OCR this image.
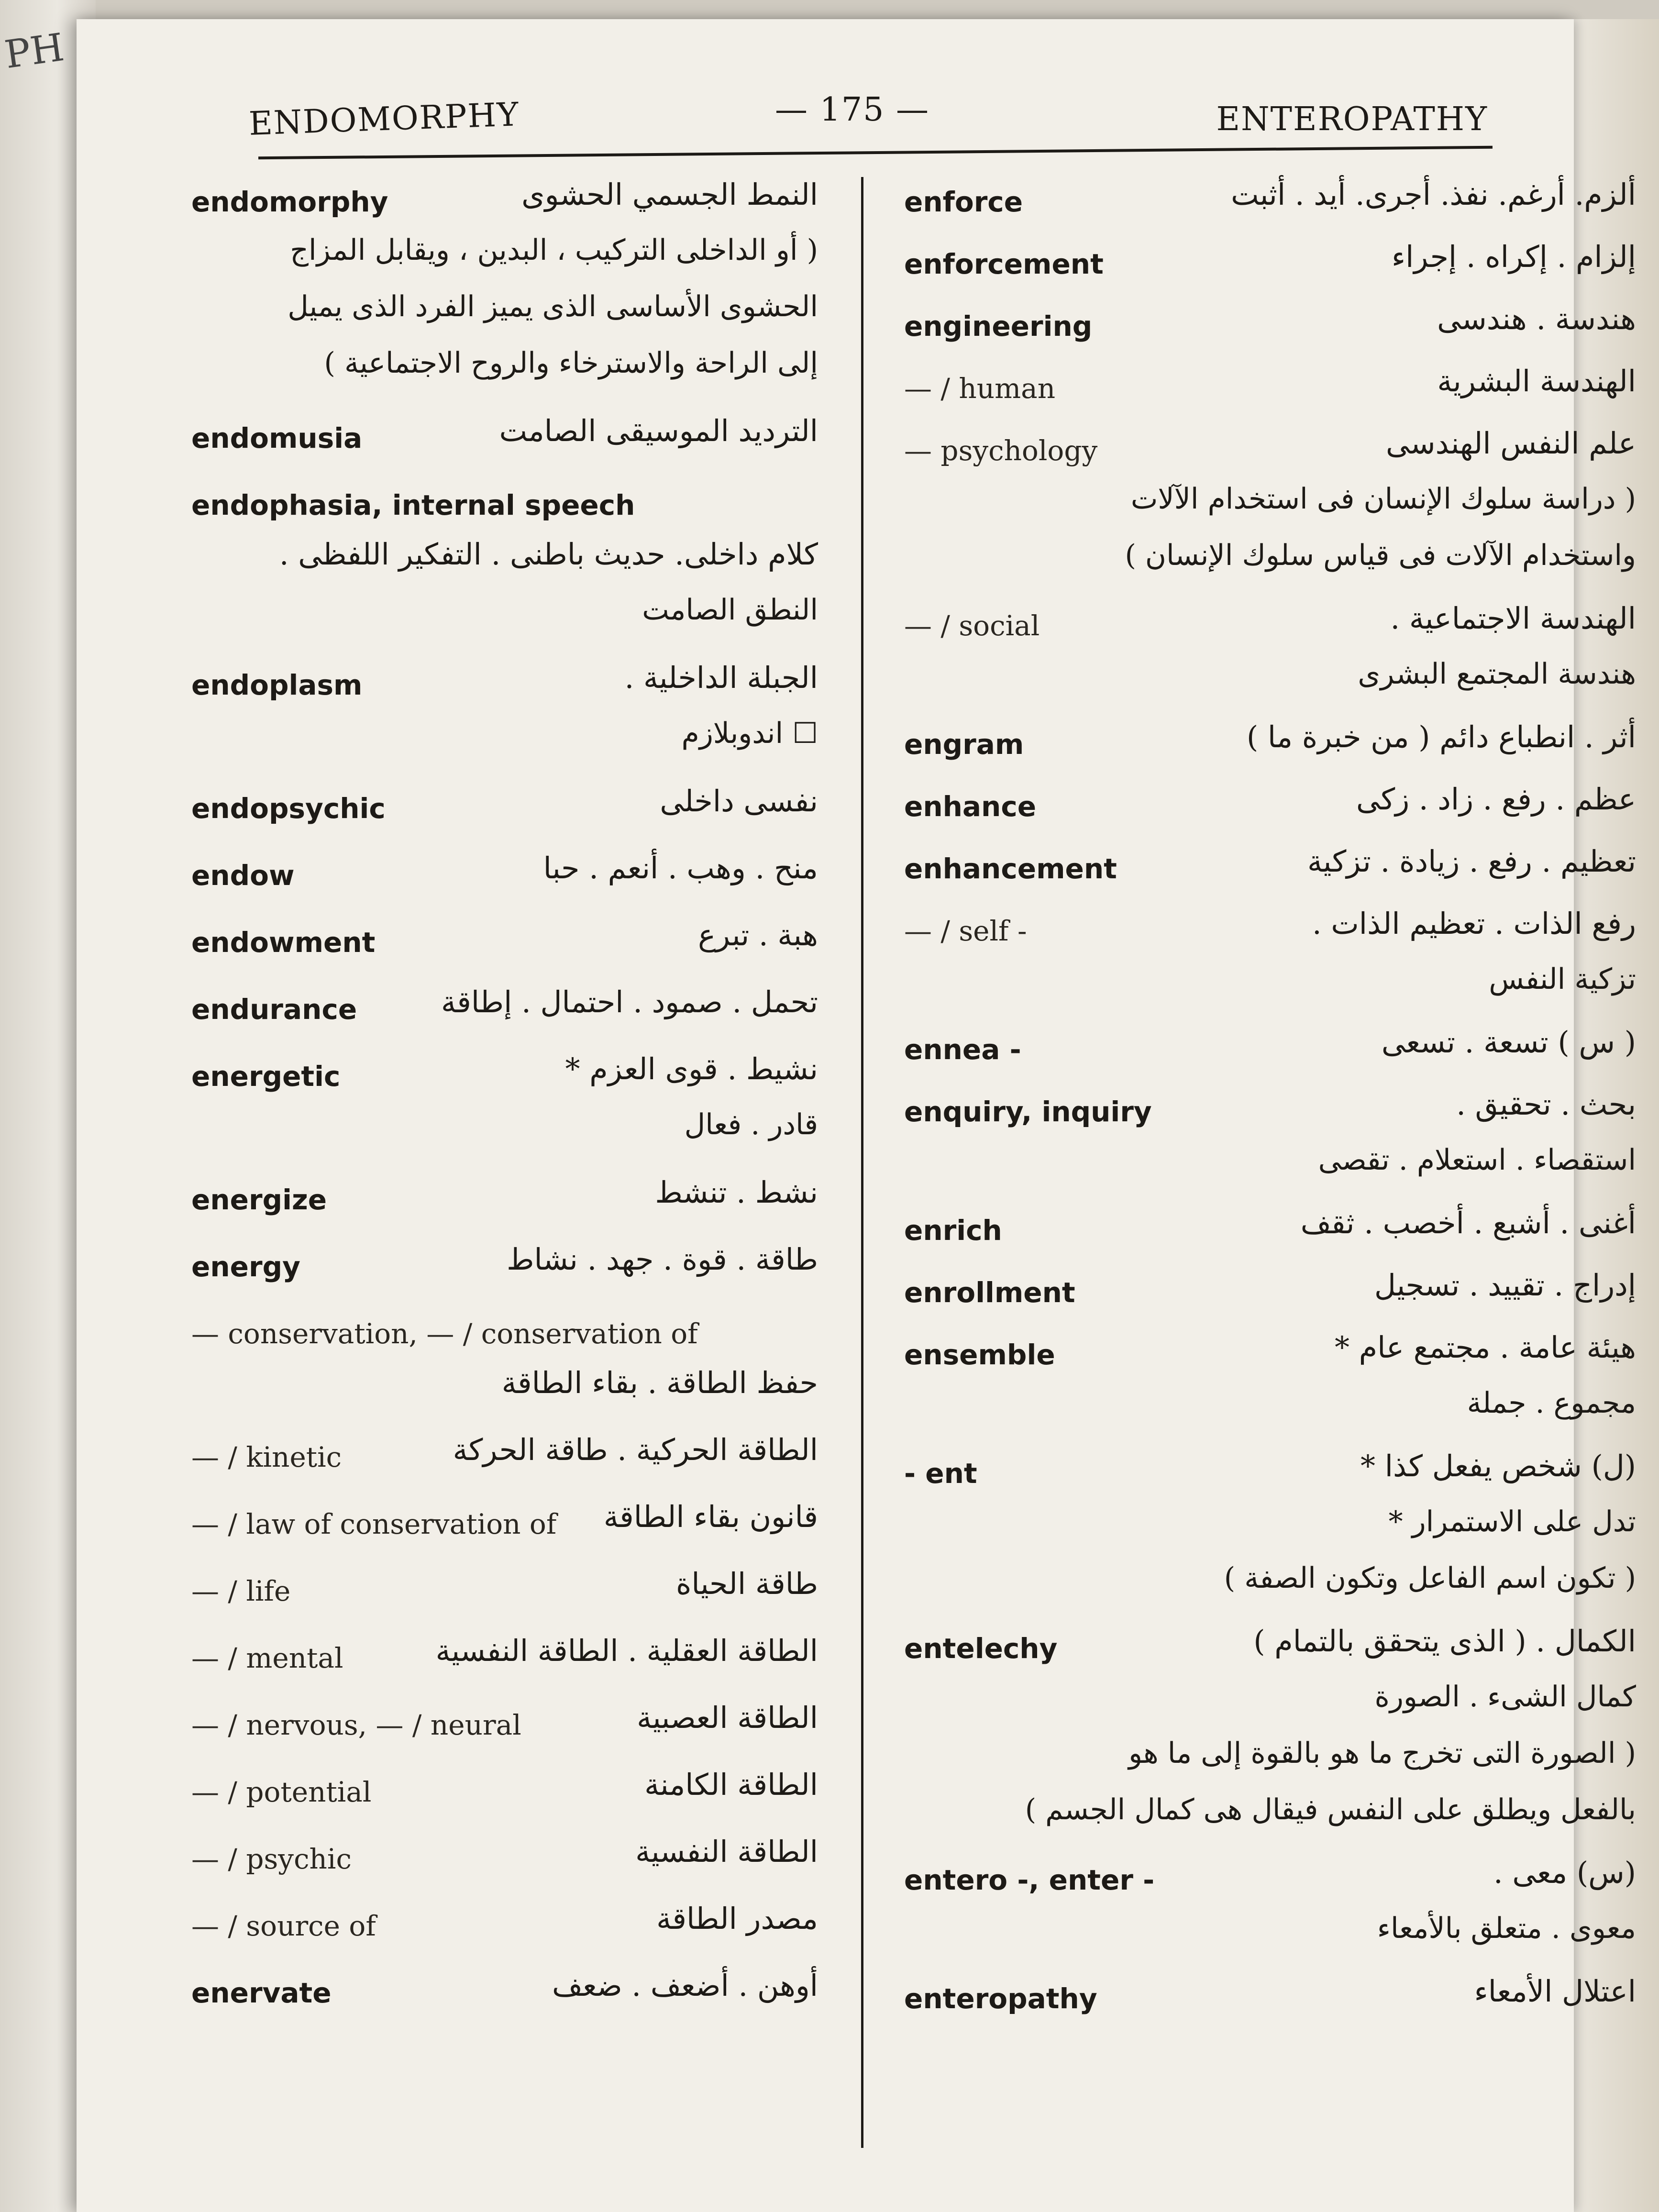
PH
ENDOMORPHY	— 175 —	ENTEROPATHY
endomorphy	النمط الجسمي الحشوى
( أو الداخلى التركيب ، البدين ، ويقابل المزاج
الحشوى الأساسى الذى يميز الفرد الذى يميل
إلى الراحة والاسترخاء والروح الاجتماعية )
endomusia	الترديد الموسيقى الصامت
endophasia, internal speech
كلام داخلى. حديث باطنى . التفكير اللفظى .
النطق الصامت
endoplasm	الجبلة الداخلية .
☐ اندوبلازم
endopsychic	نفسى داخلى
endow	منح . وهب . أنعم . حبا
endowment	هبة . تبرع
endurance	تحمل . صمود . احتمال . إطاقة
energetic	نشيط . قوى العزم *
قادر . فعال
energize	نشط . تنشط
energy	طاقة . قوة . جهد . نشاط
— conservation, — / conservation of
حفظ الطاقة . بقاء الطاقة
— / kinetic	الطاقة الحركية . طاقة الحركة
— / law of conservation of قانون بقاء الطاقة
— / life	طاقة الحياة
— / mental	الطاقة العقلية . الطاقة النفسية
— / nervous, — / neural	الطاقة العصبية
— / potential	الطاقة الكامنة
— / psychic	الطاقة النفسية
— / source of	مصدر الطاقة
enervate	أوهن . أضعف . ضعف
enforce	ألزم. أرغم. نفذ. أجرى. أيد . أثبت
enforcement	إلزام . إكراه . إجراء
engineering	هندسة . هندسى
— / human	الهندسة البشرية
— psychology	علم النفس الهندسى
( دراسة سلوك الإنسان فى استخدام الآلات
واستخدام الآلات فى قياس سلوك الإنسان )
— / social	الهندسة الاجتماعية .
هندسة المجتمع البشرى
engram	أثر . انطباع دائم ( من خبرة ما )
enhance	عظم . رفع . زاد . زكى
enhancement	تعظيم . رفع . زيادة . تزكية
— / self -	رفع الذات . تعظيم الذات .
تزكية النفس
ennea -	( س ) تسعة . تسعى
enquiry, inquiry	بحث . تحقيق .
استقصاء . استعلام . تقصى
enrich	أغنى . أشبع . أخصب . ثقف
enrollment	إدراج . تقييد . تسجيل
ensemble	هيئة عامة . مجتمع عام *
مجموع . جملة
- ent	(ل) شخص يفعل كذا *
تدل على الاستمرار *
( تكون اسم الفاعل وتكون الصفة )
entelechy	الكمال . ( الذى يتحقق بالتمام )
كمال الشىء . الصورة
( الصورة التى تخرج ما هو بالقوة إلى ما هو
بالفعل ويطلق على النفس فيقال هى كمال الجسم )
entero -, enter -	(س) معى .
معوى . متعلق بالأمعاء
enteropathy	اعتلال الأمعاء
